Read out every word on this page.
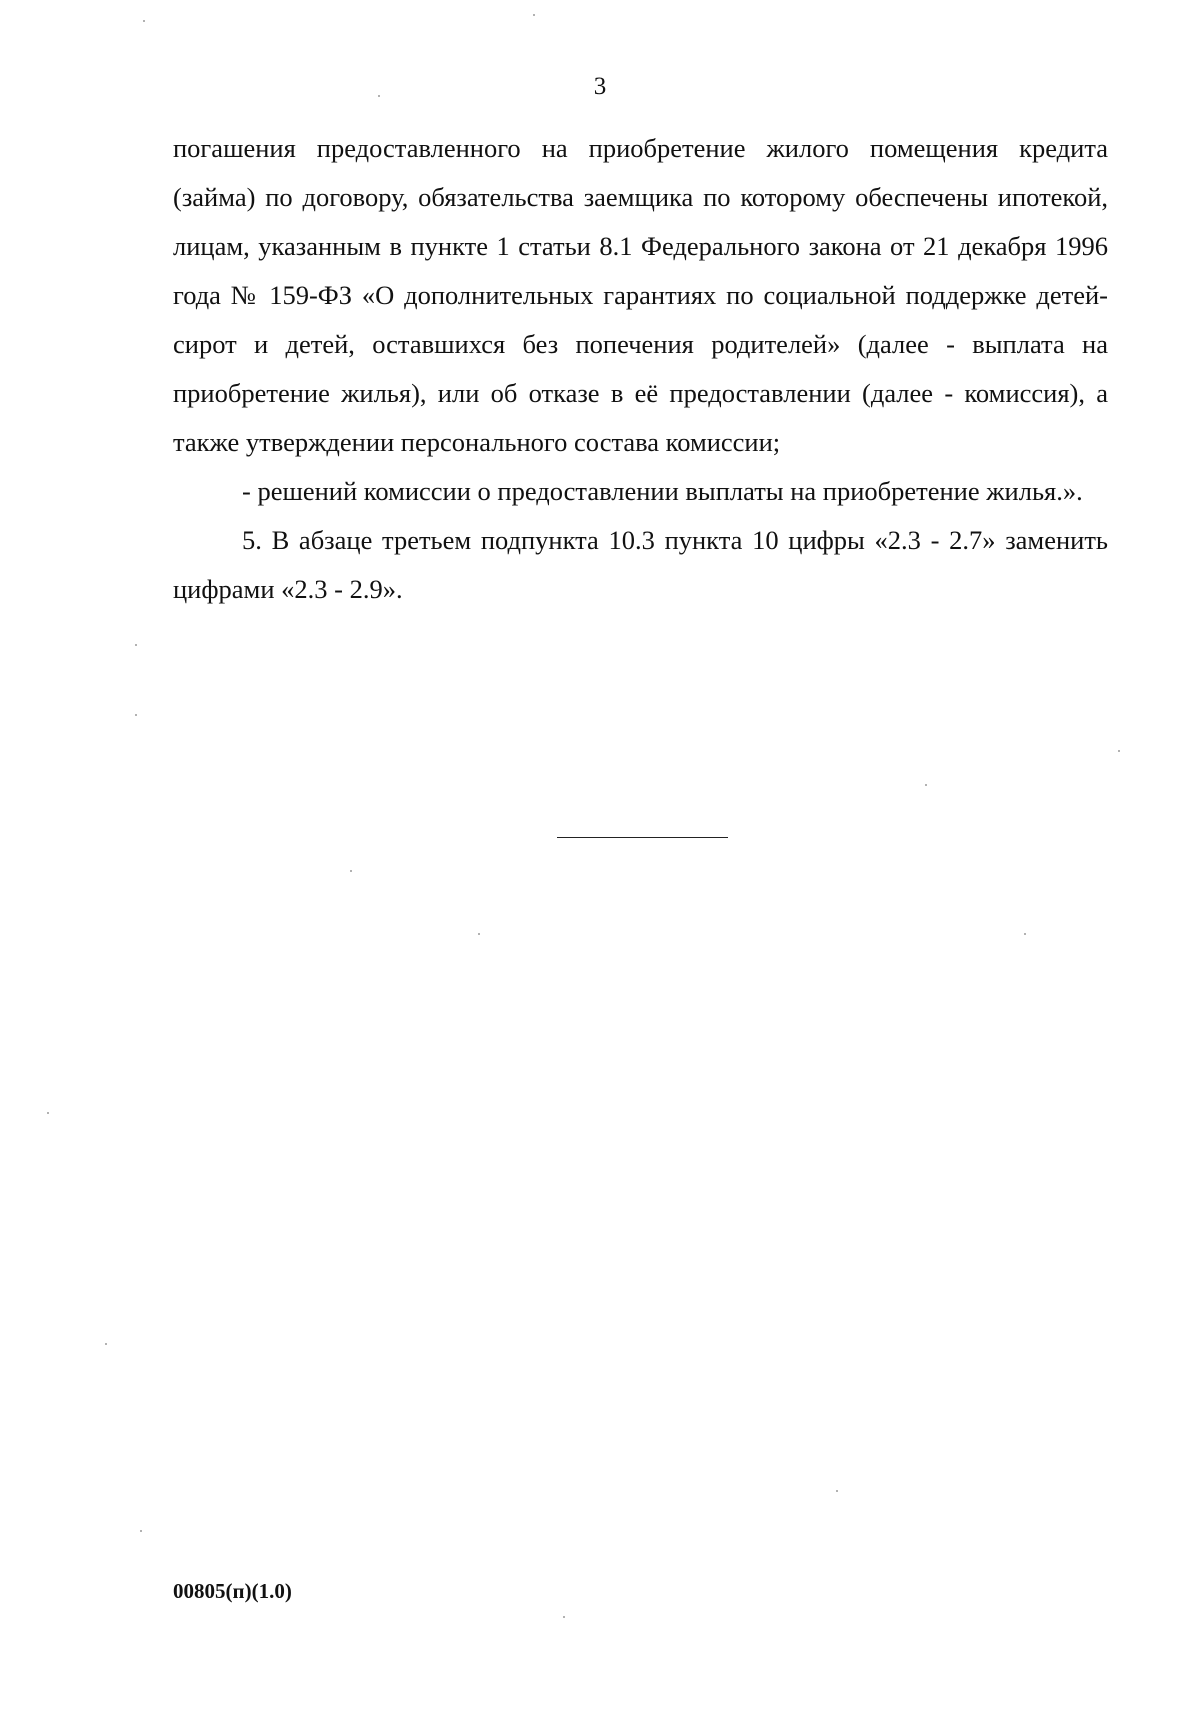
3

погашения предоставленного на приобретение жилого помещения кредита (займа) по договору, обязательства заемщика по которому обеспечены ипотекой, лицам, указанным в пункте 1 статьи 8.1 Федерального закона от 21 декабря 1996 года № 159-ФЗ «О дополнительных гарантиях по социальной поддержке детей-сирот и детей, оставшихся без попечения родителей» (далее - выплата на приобретение жилья), или об отказе в её предоставлении (далее - комиссия), а также утверждении персонального состава комиссии;

- решений комиссии о предоставлении выплаты на приобретение жилья.».

5. В абзаце третьем подпункта 10.3 пункта 10 цифры «2.3 - 2.7» заменить цифрами «2.3 - 2.9».

00805(п)(1.0)
